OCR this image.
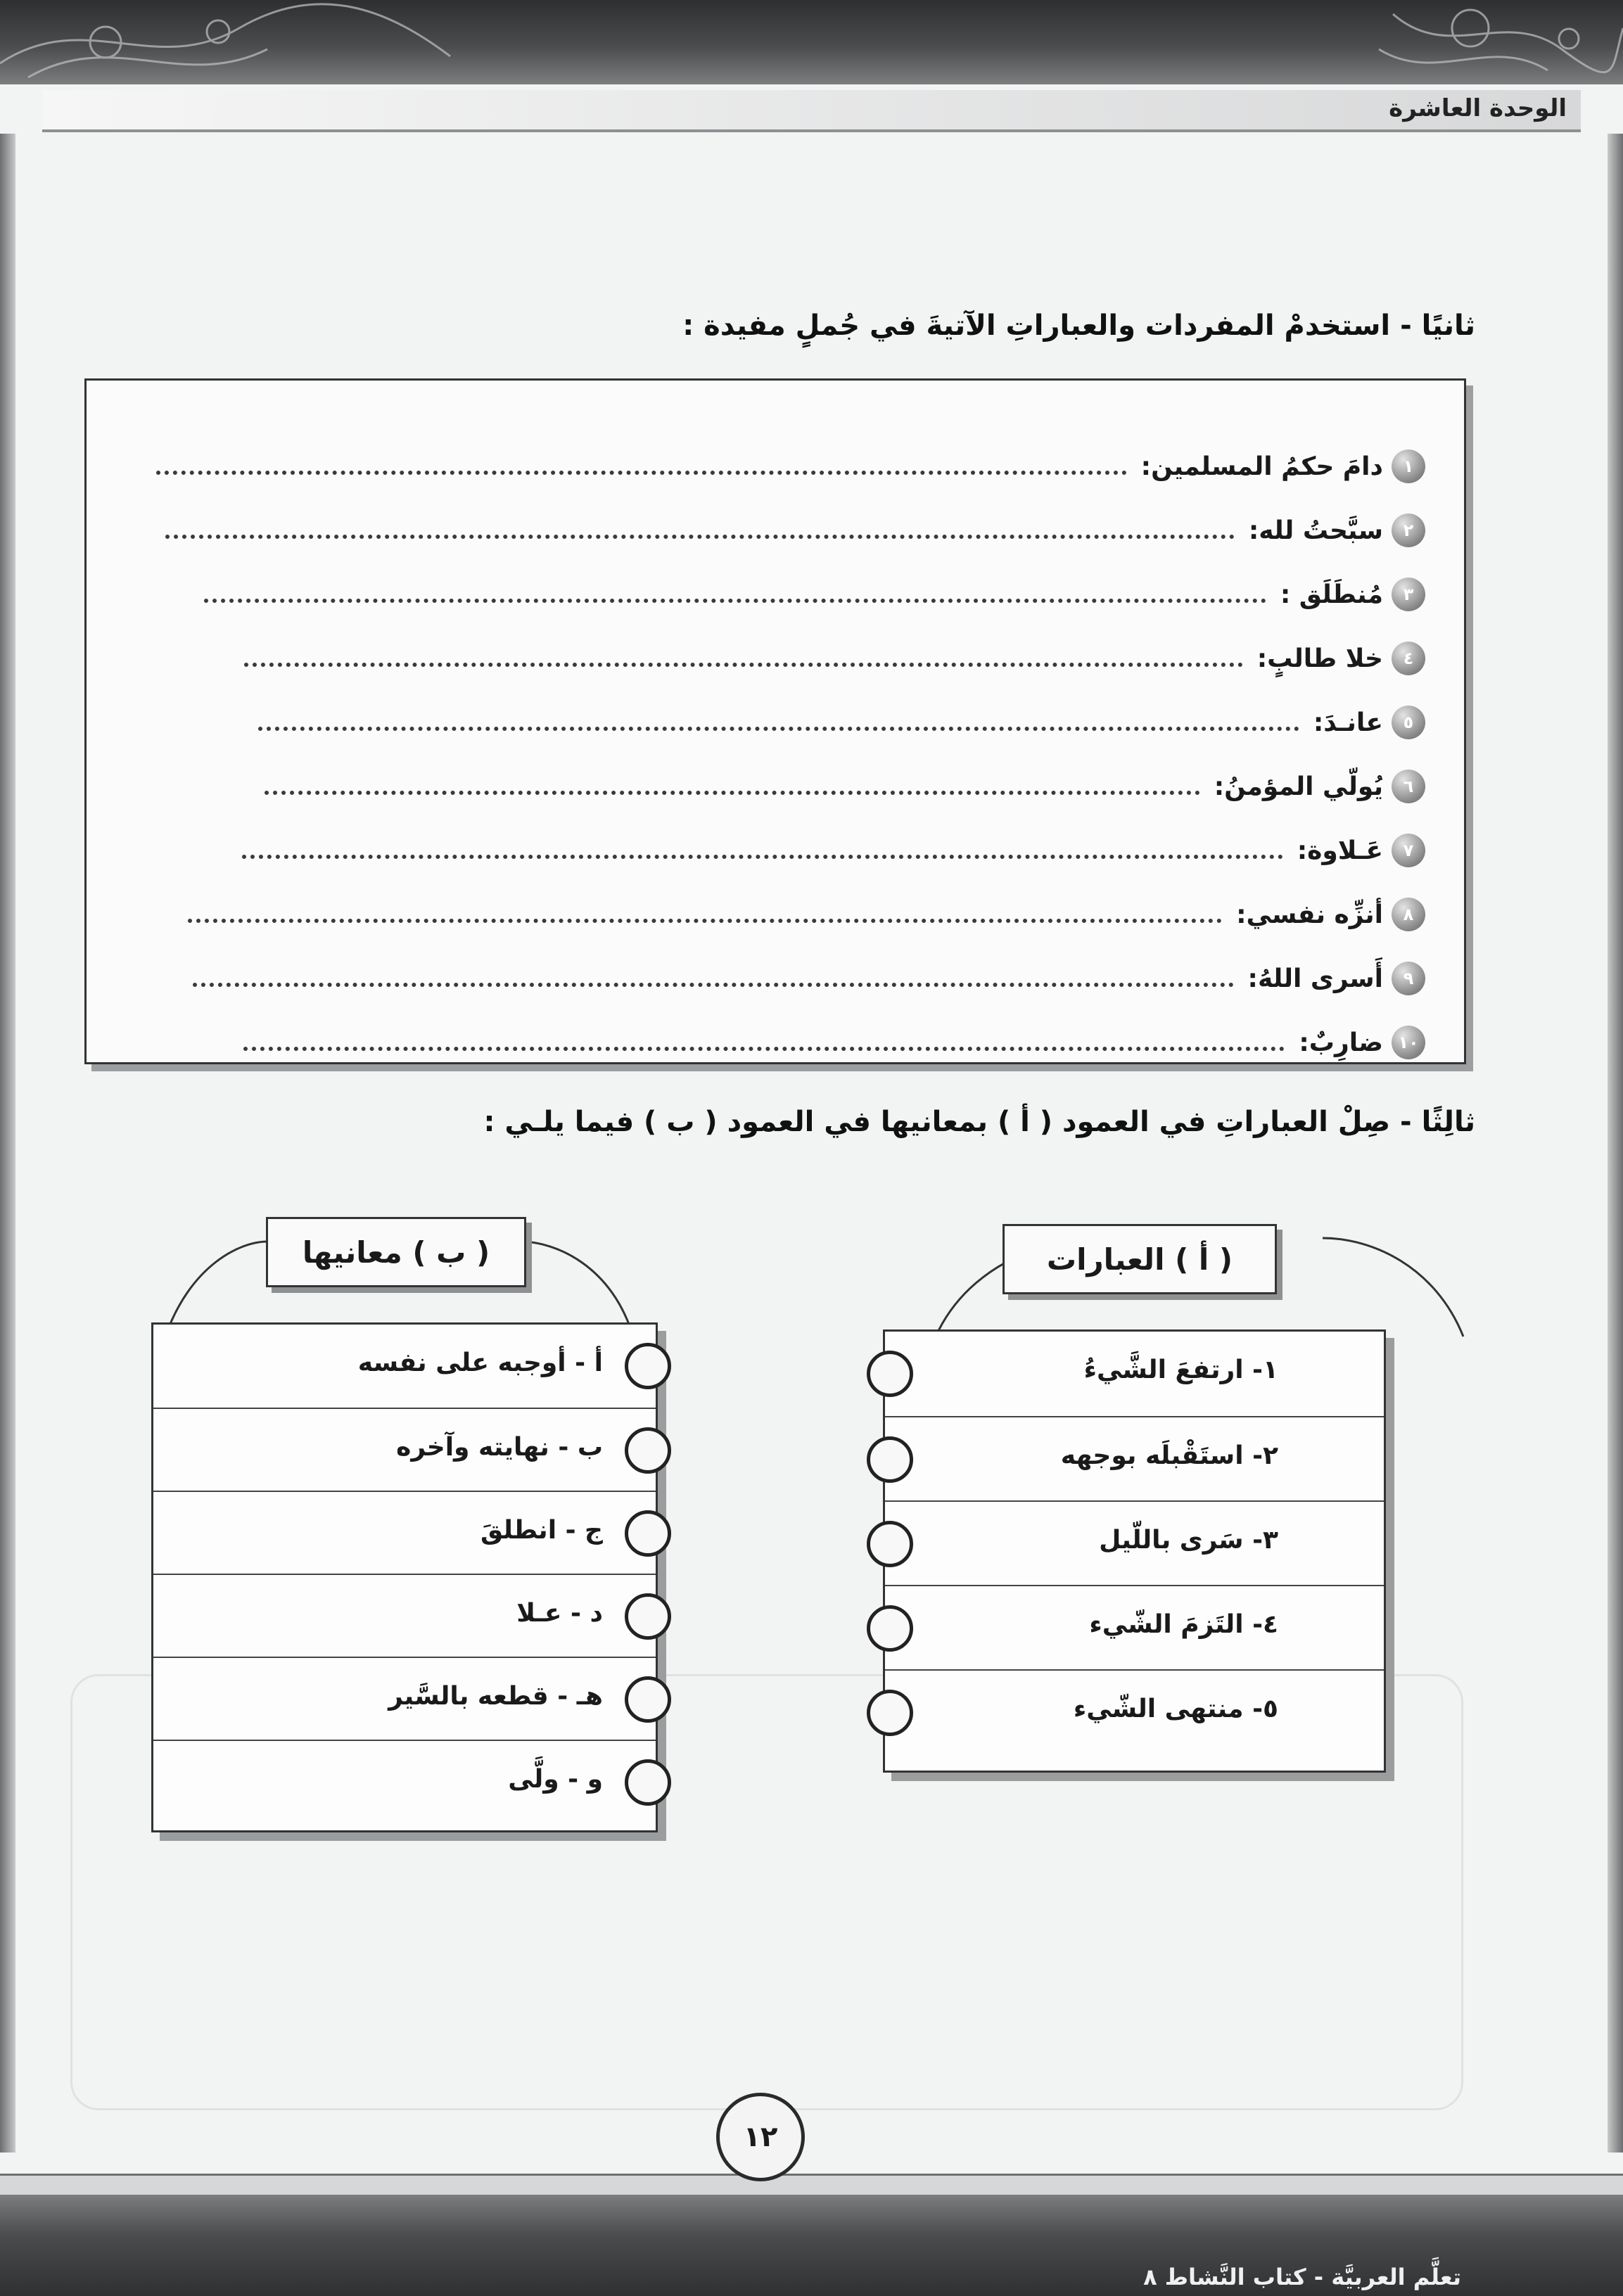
الوحدة العاشرة
ثانيًا - استخدمْ المفردات والعباراتِ الآتيةَ في جُملٍ مفيدة :
١
دامَ حكمُ المسلمين:
٢
سبَّحتُ لله:
٣
مُنطَلَق :
٤
خلا طالبٍ:
٥
عانـدَ:
٦
يُولّي المؤمنُ:
٧
عَـلاوة:
٨
أنزِّه نفسي:
٩
أَسرى اللهُ:
١٠
ضارِبٌ:
ثالِثًا - صِلْ العباراتِ في العمود ( أ ) بمعانيها في العمود ( ب ) فيما يلـي :
أ - أوجبه على نفسه
ب - نهايته وآخره
ج - انطلقَ
د - عـلا
هـ - قطعه بالسَّير
و - ولَّى
( ب ) معانيها
١- ارتفعَ الشَّيءُ
٢- استَقْبلَه بوجهه
٣- سَرى باللّيل
٤- التَزمَ الشّيء
٥- منتهى الشّيء
( أ ) العبارات
١٢
تعلَّم العربيَّة - كتاب النَّشاط ٨
